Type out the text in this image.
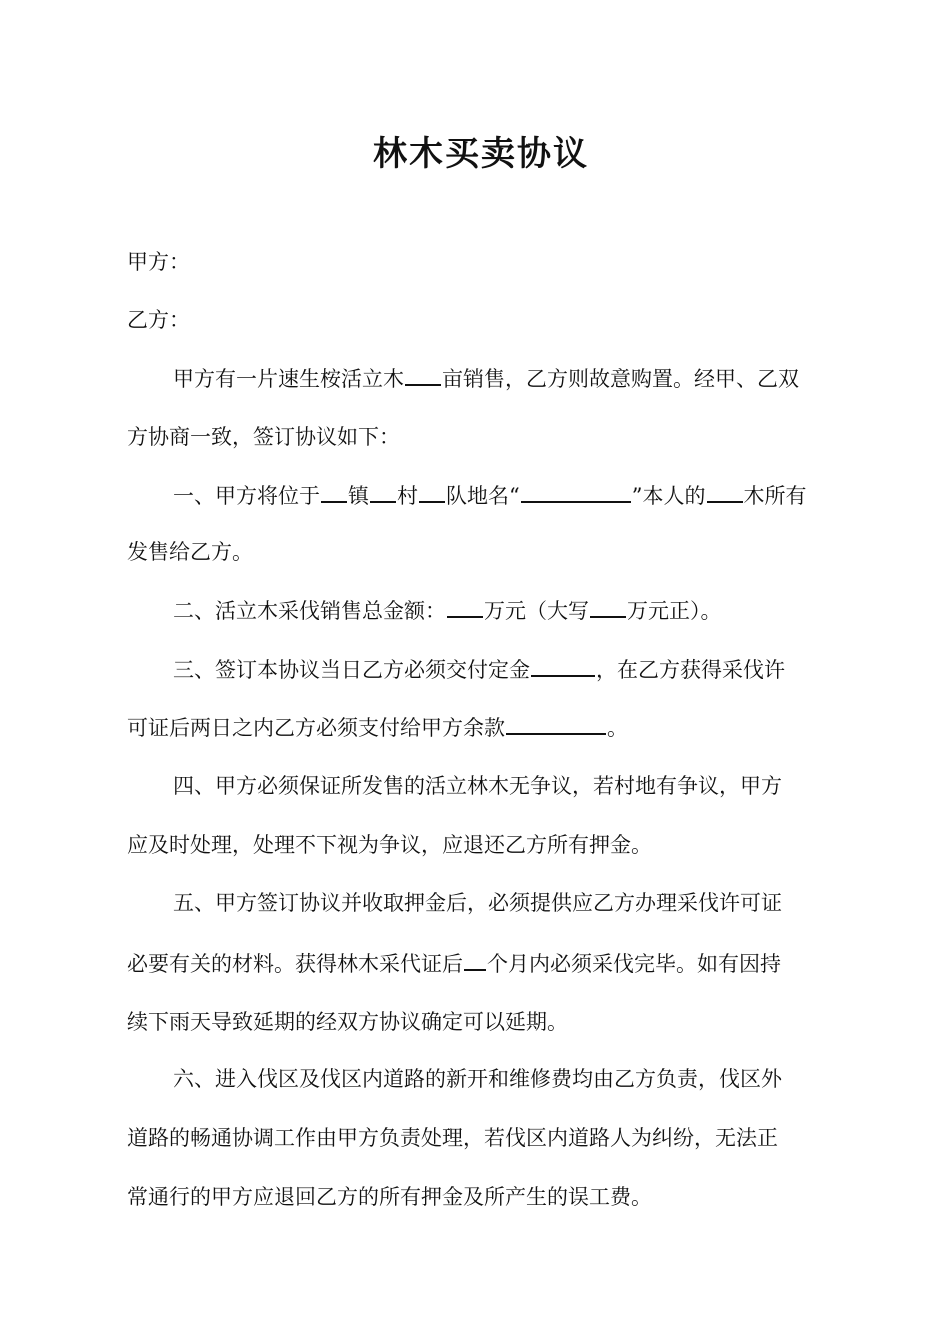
林木买卖协议

甲方：

乙方：

甲方有一片速生桉活立木 亩销售，乙方则故意购置。经甲、乙双

方协商一致，签订协议如下：

一、甲方将位于 镇 村 队地名“	”本人的 木所有

发售给乙方。

二、活立木采伐销售总金额： 万元（大写 万元正）。

三、签订本协议当日乙方必须交付定金	，在乙方获得采伐许

可证后两日之内乙方必须支付给甲方余款	。

四、甲方必须保证所发售的活立林木无争议，若村地有争议，甲方

应及时处理，处理不下视为争议，应退还乙方所有押金。

五、甲方签订协议并收取押金后，必须提供应乙方办理采伐许可证

必要有关的材料。获得林木采代证后 个月内必须采伐完毕。如有因持

续下雨天导致延期的经双方协议确定可以延期。

六、进入伐区及伐区内道路的新开和维修费均由乙方负责，伐区外

道路的畅通协调工作由甲方负责处理，若伐区内道路人为纠纷，无法正

常通行的甲方应退回乙方的所有押金及所产生的误工费。
